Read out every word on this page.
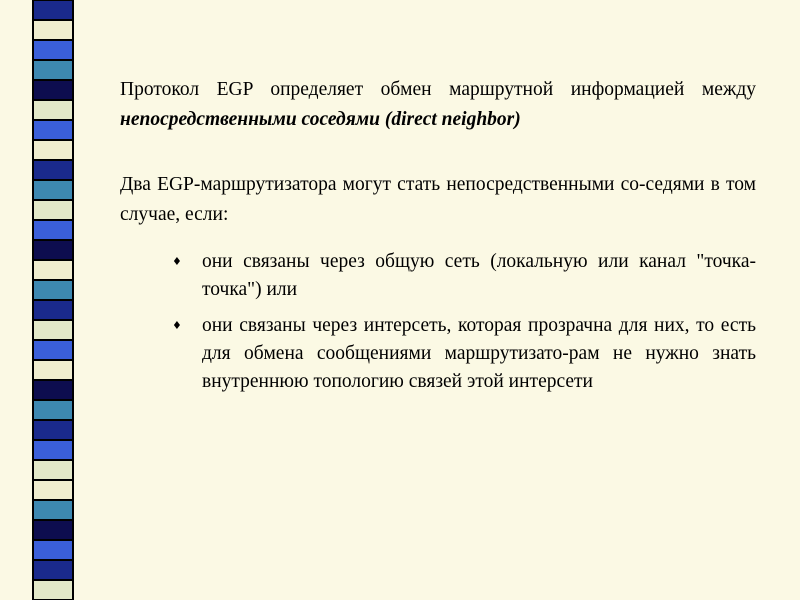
Протокол EGP определяет обмен маршрутной информацией между непосредственными соседями (direct neighbor)

Два EGP-маршрутизатора могут стать непосредственными со-седями в том случае, если:

♦ они связаны через общую сеть (локальную или канал "точка-точка") или
♦ они связаны через интерсеть, которая прозрачна для них, то есть для обмена сообщениями маршрутизато-рам не нужно знать внутреннюю топологию связей этой интерсети
